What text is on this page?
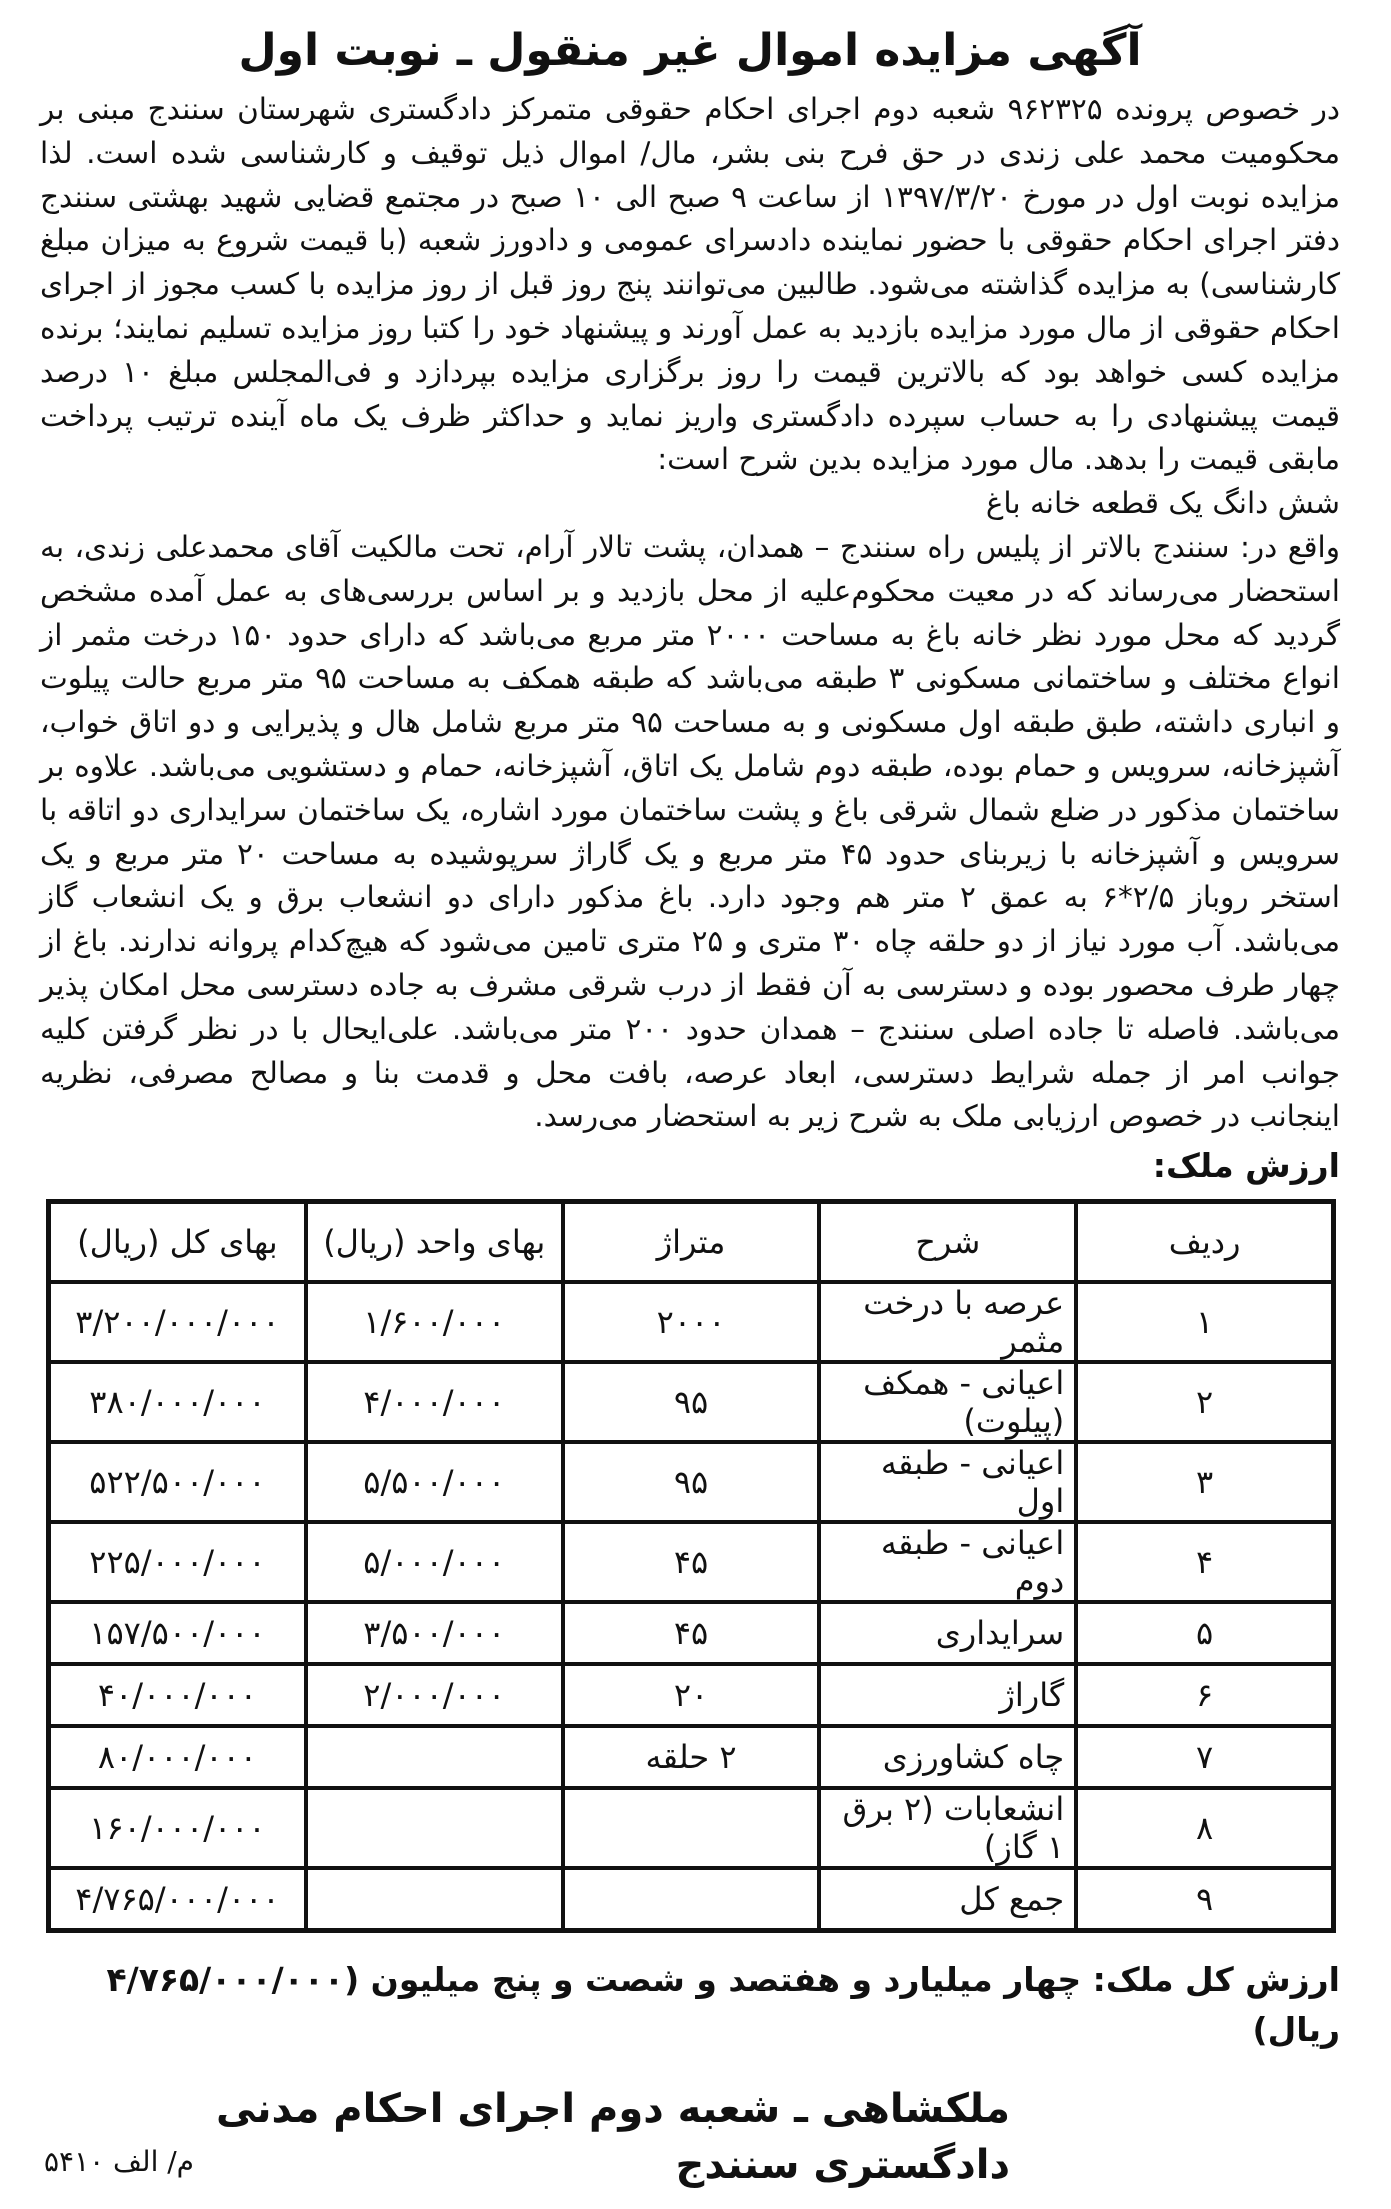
آگهی مزایده اموال غیر منقول ـ نوبت اول

در خصوص پرونده ۹۶۲۳۲۵ شعبه دوم اجرای احکام حقوقی متمرکز دادگستری شهرستان سنندج مبنی بر محکومیت محمد علی زندی در حق فرح بنی بشر، مال/ اموال ذیل توقیف و کارشناسی شده است. لذا مزایده نوبت اول در مورخ ۱۳۹۷/۳/۲۰ از ساعت ۹ صبح الی ۱۰ صبح در مجتمع قضایی شهید بهشتی سنندج دفتر اجرای احکام حقوقی با حضور نماینده دادسرای عمومی و دادورز شعبه (با قیمت شروع به میزان مبلغ کارشناسی) به مزایده گذاشته می‌شود. طالبین می‌توانند پنج روز قبل از روز مزایده با کسب مجوز از اجرای احکام حقوقی از مال مورد مزایده بازدید به عمل آورند و پیشنهاد خود را کتبا روز مزایده تسلیم نمایند؛ برنده مزایده کسی خواهد بود که بالاترین قیمت را روز برگزاری مزایده بپردازد و فی‌المجلس مبلغ ۱۰ درصد قیمت پیشنهادی را به حساب سپرده دادگستری واریز نماید و حداکثر ظرف یک ماه آینده ترتیب پرداخت مابقی قیمت را بدهد. مال مورد مزایده بدین شرح است:

شش دانگ یک قطعه خانه باغ

واقع در: سنندج بالاتر از پلیس راه سنندج – همدان، پشت تالار آرام، تحت مالکیت آقای محمدعلی زندی، به استحضار می‌رساند که در معیت محکوم‌علیه از محل بازدید و بر اساس بررسی‌های به عمل آمده مشخص گردید که محل مورد نظر خانه باغ به مساحت ۲۰۰۰ متر مربع می‌باشد که دارای حدود ۱۵۰ درخت مثمر از انواع مختلف و ساختمانی مسکونی ۳ طبقه می‌باشد که طبقه همکف به مساحت ۹۵ متر مربع حالت پیلوت و انباری داشته، طبق طبقه اول مسکونی و به مساحت ۹۵ متر مربع شامل هال و پذیرایی و دو اتاق خواب، آشپزخانه، سرویس و حمام بوده، طبقه دوم شامل یک اتاق، آشپزخانه، حمام و دستشویی می‌باشد. علاوه بر ساختمان مذکور در ضلع شمال شرقی باغ و پشت ساختمان مورد اشاره، یک ساختمان سرایداری دو اتاقه با سرویس و آشپزخانه با زیربنای حدود ۴۵ متر مربع و یک گاراژ سرپوشیده به مساحت ۲۰ متر مربع و یک استخر روباز ۲/۵*۶ به عمق ۲ متر هم وجود دارد. باغ مذکور دارای دو انشعاب برق و یک انشعاب گاز می‌باشد. آب مورد نیاز از دو حلقه چاه ۳۰ متری و ۲۵ متری تامین می‌شود که هیچ‌کدام پروانه ندارند. باغ از چهار طرف محصور بوده و دسترسی به آن فقط از درب شرقی مشرف به جاده دسترسی محل امکان پذیر می‌باشد. فاصله تا جاده اصلی سنندج – همدان حدود ۲۰۰ متر می‌باشد. علی‌ایحال با در نظر گرفتن کلیه جوانب امر از جمله شرایط دسترسی، ابعاد عرصه، بافت محل و قدمت بنا و مصالح مصرفی، نظریه اینجانب در خصوص ارزیابی ملک به شرح زیر به استحضار می‌رسد.

ارزش ملک:
ردیف	شرح	متراژ	بهای واحد (ریال)	بهای کل (ریال)
۱	عرصه با درخت مثمر	۲۰۰۰	۱/۶۰۰/۰۰۰	۳/۲۰۰/۰۰۰/۰۰۰
۲	اعیانی - همکف (پیلوت)	۹۵	۴/۰۰۰/۰۰۰	۳۸۰/۰۰۰/۰۰۰
۳	اعیانی - طبقه اول	۹۵	۵/۵۰۰/۰۰۰	۵۲۲/۵۰۰/۰۰۰
۴	اعیانی - طبقه دوم	۴۵	۵/۰۰۰/۰۰۰	۲۲۵/۰۰۰/۰۰۰
۵	سرایداری	۴۵	۳/۵۰۰/۰۰۰	۱۵۷/۵۰۰/۰۰۰
۶	گاراژ	۲۰	۲/۰۰۰/۰۰۰	۴۰/۰۰۰/۰۰۰
۷	چاه کشاورزی	۲ حلقه		۸۰/۰۰۰/۰۰۰
۸	انشعابات (۲ برق ۱ گاز)			۱۶۰/۰۰۰/۰۰۰
۹	جمع کل			۴/۷۶۵/۰۰۰/۰۰۰
ارزش کل ملک: چهار میلیارد و هفتصد و شصت و پنج میلیون (۴/۷۶۵/۰۰۰/۰۰۰ ریال)
ملکشاهی ـ شعبه دوم اجرای احکام مدنی دادگستری سنندج
م/ الف ۵۴۱۰
